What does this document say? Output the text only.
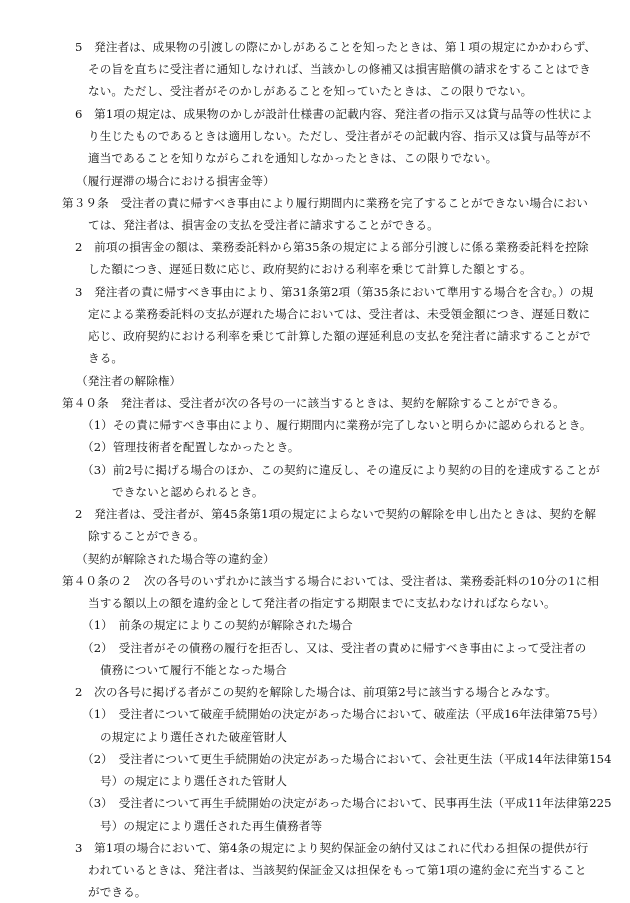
5　発注者は、成果物の引渡しの際にかしがあることを知ったときは、第１項の規定にかかわらず、
その旨を直ちに受注者に通知しなければ、当該かしの修補又は損害賠償の請求をすることはでき
ない。ただし、受注者がそのかしがあることを知っていたときは、この限りでない。
6　第1項の規定は、成果物のかしが設計仕様書の記載内容、発注者の指示又は貸与品等の性状によ
り生じたものであるときは適用しない。ただし、受注者がその記載内容、指示又は貸与品等が不
適当であることを知りながらこれを通知しなかったときは、この限りでない。
（履行遅滞の場合における損害金等）
第３９条　受注者の責に帰すべき事由により履行期間内に業務を完了することができない場合におい
ては、発注者は、損害金の支払を受注者に請求することができる。
2　前項の損害金の額は、業務委託料から第35条の規定による部分引渡しに係る業務委託料を控除
した額につき、遅延日数に応じ、政府契約における利率を乗じて計算した額とする。
3　発注者の責に帰すべき事由により、第31条第2項（第35条において準用する場合を含む。）の規
定による業務委託料の支払が遅れた場合においては、受注者は、未受領金額につき、遅延日数に
応じ、政府契約における利率を乗じて計算した額の遅延利息の支払を発注者に請求することがで
きる。
（発注者の解除権）
第４０条　発注者は、受注者が次の各号の一に該当するときは、契約を解除することができる。
（1）その責に帰すべき事由により、履行期間内に業務が完了しないと明らかに認められるとき。
（2）管理技術者を配置しなかったとき。
（3）前2号に掲げる場合のほか、この契約に違反し、その違反により契約の目的を達成することが
できないと認められるとき。
2　発注者は、受注者が、第45条第1項の規定によらないで契約の解除を申し出たときは、契約を解
除することができる。
（契約が解除された場合等の違約金）
第４０条の２　次の各号のいずれかに該当する場合においては、受注者は、業務委託料の10分の1に相
当する額以上の額を違約金として発注者の指定する期限までに支払わなければならない。
（1）　前条の規定によりこの契約が解除された場合
（2）　受注者がその債務の履行を拒否し、又は、受注者の責めに帰すべき事由によって受注者の
債務について履行不能となった場合
2　次の各号に掲げる者がこの契約を解除した場合は、前項第2号に該当する場合とみなす。
（1）　受注者について破産手続開始の決定があった場合において、破産法（平成16年法律第75号）
の規定により選任された破産管財人
（2）　受注者について更生手続開始の決定があった場合において、会社更生法（平成14年法律第154
号）の規定により選任された管財人
（3）　受注者について再生手続開始の決定があった場合において、民事再生法（平成11年法律第225
号）の規定により選任された再生債務者等
3　第1項の場合において、第4条の規定により契約保証金の納付又はこれに代わる担保の提供が行
われているときは、発注者は、当該契約保証金又は担保をもって第1項の違約金に充当すること
ができる。
